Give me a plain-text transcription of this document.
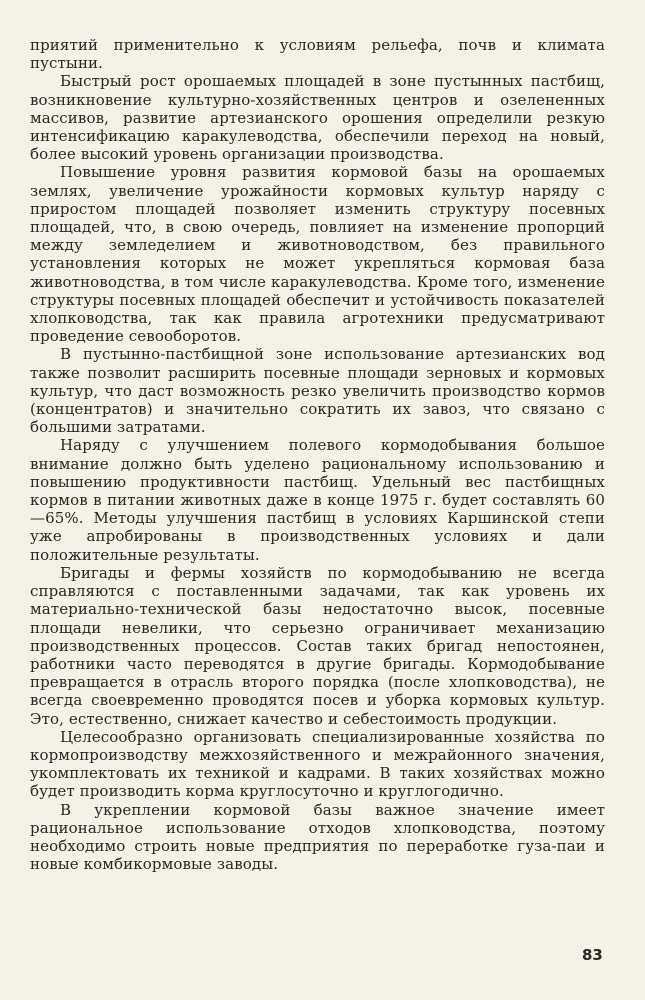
приятий применительно к условиям рельефа, почв и климата пустыни.

Быстрый рост орошаемых площадей в зоне пустынных пастбищ, возникновение культурно-хозяйственных центров и озелененных массивов, развитие артезианского орошения определили резкую интенсификацию каракулеводства, обеспечили переход на новый, более высокий уровень организации производства.

Повышение уровня развития кормовой базы на орошаемых землях, увеличение урожайности кормовых культур наряду с приростом площадей позволяет изменить структуру посевных площадей, что, в свою очередь, повлияет на изменение пропорций между земледелием и животноводством, без правильного установления которых не может укрепляться кормовая база животноводства, в том числе каракулеводства. Кроме того, изменение структуры посевных площадей обеспечит и устойчивость показателей хлопководства, так как правила агротехники предусматривают проведение севооборотов.

В пустынно-пастбищной зоне использование артезианских вод также позволит расширить посевные площади зерновых и кормовых культур, что даст возможность резко увеличить производство кормов (концентратов) и значительно сократить их завоз, что связано с большими затратами.

Наряду с улучшением полевого кормодобывания большое внимание должно быть уделено рациональному использованию и повышению продуктивности пастбищ. Удельный вес пастбищных кормов в питании животных даже в конце 1975 г. будет составлять 60—65%. Методы улучшения пастбищ в условиях Каршинской степи уже апробированы в производственных условиях и дали положительные результаты.

Бригады и фермы хозяйств по кормодобыванию не всегда справляются с поставленными задачами, так как уровень их материально-технической базы недостаточно высок, посевные площади невелики, что серьезно ограничивает механизацию производственных процессов. Состав таких бригад непостоянен, работники часто переводятся в другие бригады. Кормодобывание превращается в отрасль второго порядка (после хлопководства), не всегда своевременно проводятся посев и уборка кормовых культур. Это, естественно, снижает качество и себестоимость продукции.

Целесообразно организовать специализированные хозяйства по кормопроизводству межхозяйственного и межрайонного значения, укомплектовать их техникой и кадрами. В таких хозяйствах можно будет производить корма круглосуточно и круглогодично.

В укреплении кормовой базы важное значение имеет рациональное использование отходов хлопководства, поэтому необходимо строить новые предприятия по переработке гуза-паи и новые комбикормовые заводы.

83
